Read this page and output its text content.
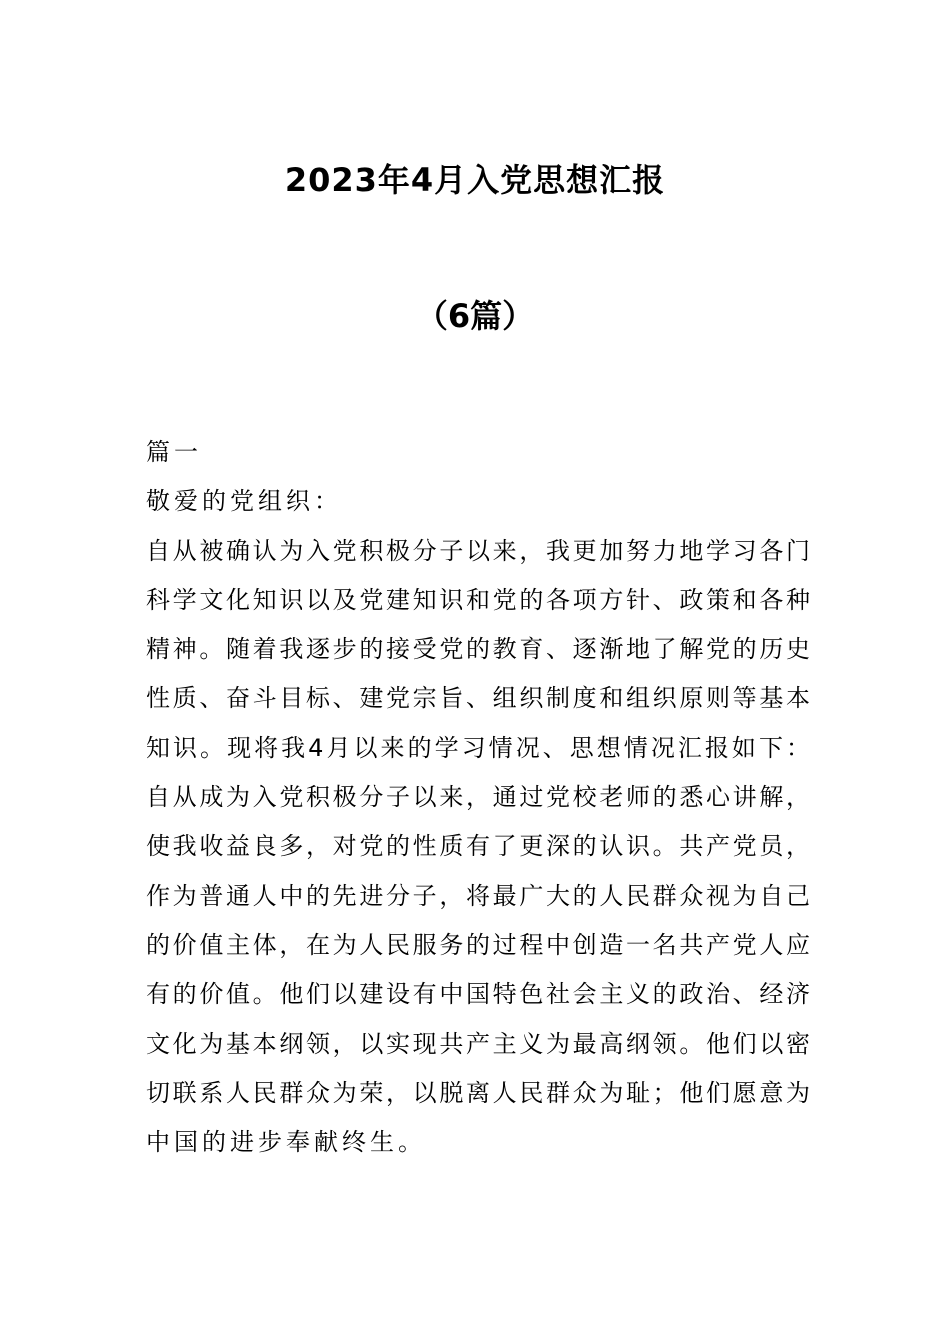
2023年4月入党思想汇报
（6篇）
篇一
敬爱的党组织：
自从被确认为入党积极分子以来，我更加努力地学习各门
科学文化知识以及党建知识和党的各项方针、政策和各种
精神。随着我逐步的接受党的教育、逐渐地了解党的历史
性质、奋斗目标、建党宗旨、组织制度和组织原则等基本
知识。现将我4月以来的学习情况、思想情况汇报如下：
自从成为入党积极分子以来，通过党校老师的悉心讲解，
使我收益良多，对党的性质有了更深的认识。共产党员，
作为普通人中的先进分子，将最广大的人民群众视为自己
的价值主体，在为人民服务的过程中创造一名共产党人应
有的价值。他们以建设有中国特色社会主义的政治、经济
文化为基本纲领，以实现共产主义为最高纲领。他们以密
切联系人民群众为荣，以脱离人民群众为耻；他们愿意为
中国的进步奉献终生。
